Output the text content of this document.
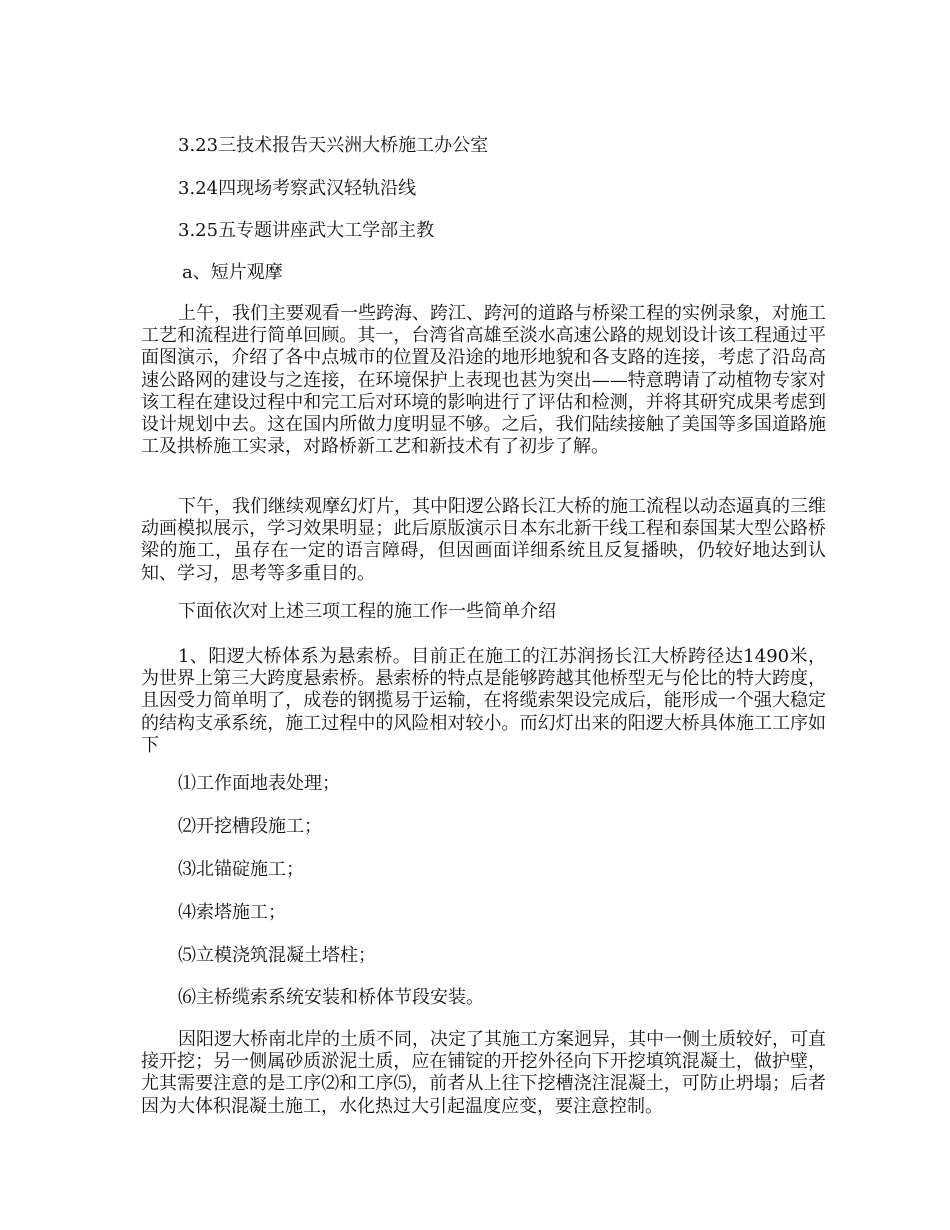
3.23三技术报告天兴洲大桥施工办公室
3.24四现场考察武汉轻轨沿线
3.25五专题讲座武大工学部主教
a、短片观摩
上午，我们主要观看一些跨海、跨江、跨河的道路与桥梁工程的实例录象，对施工工艺和流程进行简单回顾。其一，台湾省高雄至淡水高速公路的规划设计该工程通过平面图演示，介绍了各中点城市的位置及沿途的地形地貌和各支路的连接，考虑了沿岛高速公路网的建设与之连接，在环境保护上表现也甚为突出——特意聘请了动植物专家对该工程在建设过程中和完工后对环境的影响进行了评估和检测，并将其研究成果考虑到设计规划中去。这在国内所做力度明显不够。之后，我们陆续接触了美国等多国道路施工及拱桥施工实录，对路桥新工艺和新技术有了初步了解。
下午，我们继续观摩幻灯片，其中阳逻公路长江大桥的施工流程以动态逼真的三维动画模拟展示，学习效果明显；此后原版演示日本东北新干线工程和泰国某大型公路桥梁的施工，虽存在一定的语言障碍，但因画面详细系统且反复播映，仍较好地达到认知、学习，思考等多重目的。
下面依次对上述三项工程的施工作一些简单介绍
1、阳逻大桥体系为悬索桥。目前正在施工的江苏润扬长江大桥跨径达1490米，为世界上第三大跨度悬索桥。悬索桥的特点是能够跨越其他桥型无与伦比的特大跨度，且因受力简单明了，成卷的钢揽易于运输，在将缆索架设完成后，能形成一个强大稳定的结构支承系统，施工过程中的风险相对较小。而幻灯出来的阳逻大桥具体施工工序如下
⑴工作面地表处理；
⑵开挖槽段施工；
⑶北锚碇施工；
⑷索塔施工；
⑸立模浇筑混凝土塔柱；
⑹主桥缆索系统安装和桥体节段安装。
因阳逻大桥南北岸的土质不同，决定了其施工方案迥异，其中一侧土质较好，可直接开挖；另一侧属砂质淤泥土质，应在铺锭的开挖外径向下开挖填筑混凝土，做护壁，尤其需要注意的是工序⑵和工序⑸，前者从上往下挖槽浇注混凝土，可防止坍塌；后者因为大体积混凝土施工，水化热过大引起温度应变，要注意控制。
